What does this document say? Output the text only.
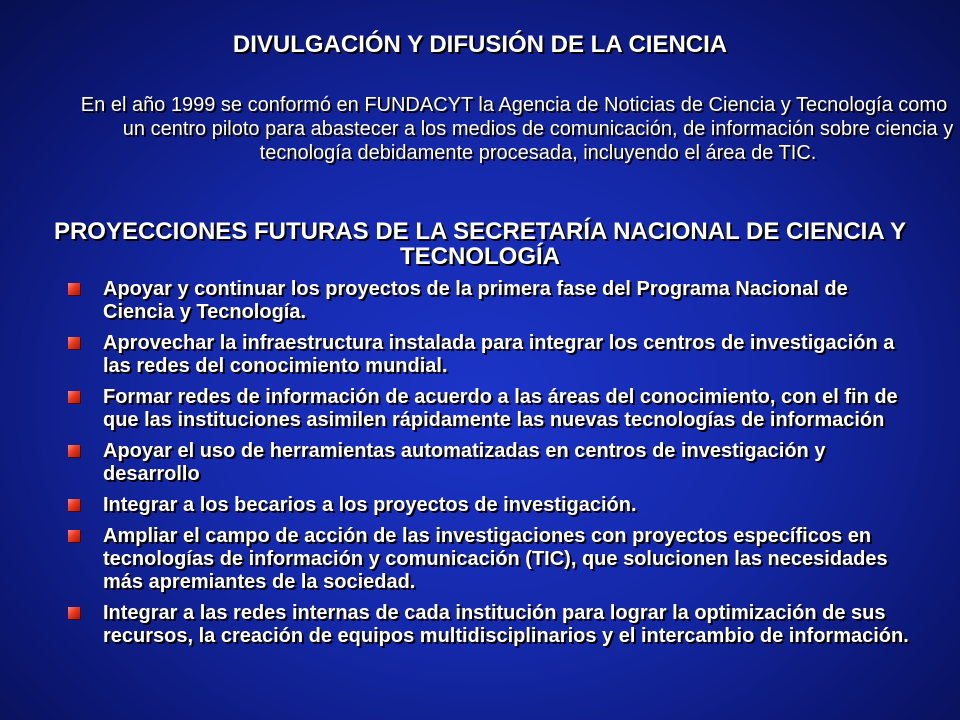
DIVULGACIÓN Y DIFUSIÓN DE LA CIENCIA

En el año 1999 se conformó en FUNDACYT la Agencia de Noticias de Ciencia y Tecnología como un centro piloto para abastecer a los medios de comunicación, de información sobre ciencia y tecnología debidamente procesada, incluyendo el área de TIC.

PROYECCIONES FUTURAS DE LA SECRETARÍA NACIONAL DE CIENCIA Y TECNOLOGÍA
Apoyar y continuar los proyectos de la primera fase del Programa Nacional de Ciencia y Tecnología.
Aprovechar la infraestructura instalada para integrar los centros de investigación a las redes del conocimiento mundial.
Formar redes de información de acuerdo a las áreas del conocimiento, con el fin de que las instituciones asimilen rápidamente las nuevas tecnologías de información
Apoyar el uso de herramientas automatizadas en centros de investigación y desarrollo
Integrar a los becarios a los proyectos de investigación.
Ampliar el campo de acción de las investigaciones con proyectos específicos en tecnologías de información y comunicación (TIC), que solucionen las necesidades más apremiantes de la sociedad.
Integrar a las redes internas de cada institución para lograr la optimización de sus recursos, la creación de equipos multidisciplinarios y el intercambio de información.
